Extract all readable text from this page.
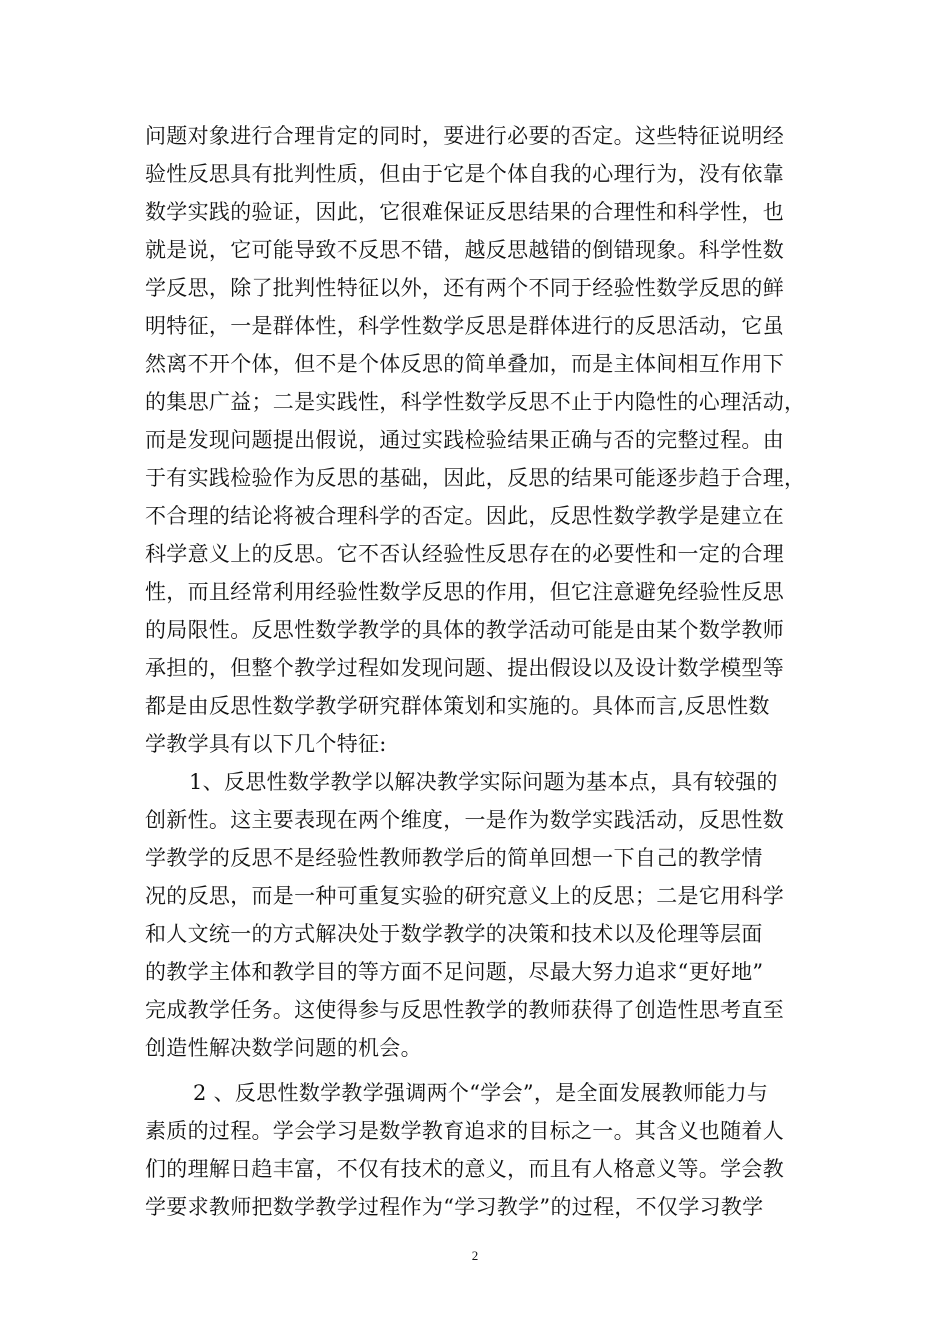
问题对象进行合理肯定的同时，要进行必要的否定。这些特征说明经
验性反思具有批判性质，但由于它是个体自我的心理行为，没有依靠
数学实践的验证，因此，它很难保证反思结果的合理性和科学性，也
就是说，它可能导致不反思不错，越反思越错的倒错现象。科学性数
学反思，除了批判性特征以外，还有两个不同于经验性数学反思的鲜
明特征，一是群体性，科学性数学反思是群体进行的反思活动，它虽
然离不开个体，但不是个体反思的简单叠加，而是主体间相互作用下
的集思广益；二是实践性，科学性数学反思不止于内隐性的心理活动，
而是发现问题提出假说，通过实践检验结果正确与否的完整过程。由
于有实践检验作为反思的基础，因此，反思的结果可能逐步趋于合理，
不合理的结论将被合理科学的否定。因此，反思性数学教学是建立在
科学意义上的反思。它不否认经验性反思存在的必要性和一定的合理
性，而且经常利用经验性数学反思的作用，但它注意避免经验性反思
的局限性。反思性数学教学的具体的教学活动可能是由某个数学教师
承担的，但整个教学过程如发现问题、提出假设以及设计数学模型等
都是由反思性数学教学研究群体策划和实施的。具体而言,反思性数
学教学具有以下几个特征:
1、反思性数学教学以解决教学实际问题为基本点，具有较强的
创新性。这主要表现在两个维度，一是作为数学实践活动，反思性数
学教学的反思不是经验性教师教学后的简单回想一下自己的教学情
况的反思，而是一种可重复实验的研究意义上的反思；二是它用科学
和人文统一的方式解决处于数学教学的决策和技术以及伦理等层面
的教学主体和教学目的等方面不足问题，尽最大努力追求“更好地”
完成教学任务。这使得参与反思性教学的教师获得了创造性思考直至
创造性解决数学问题的机会。
2 、反思性数学教学强调两个“学会”，是全面发展教师能力与
素质的过程。学会学习是数学教育追求的目标之一。其含义也随着人
们的理解日趋丰富，不仅有技术的意义，而且有人格意义等。学会教
学要求教师把数学教学过程作为“学习教学”的过程，不仅学习教学
2
